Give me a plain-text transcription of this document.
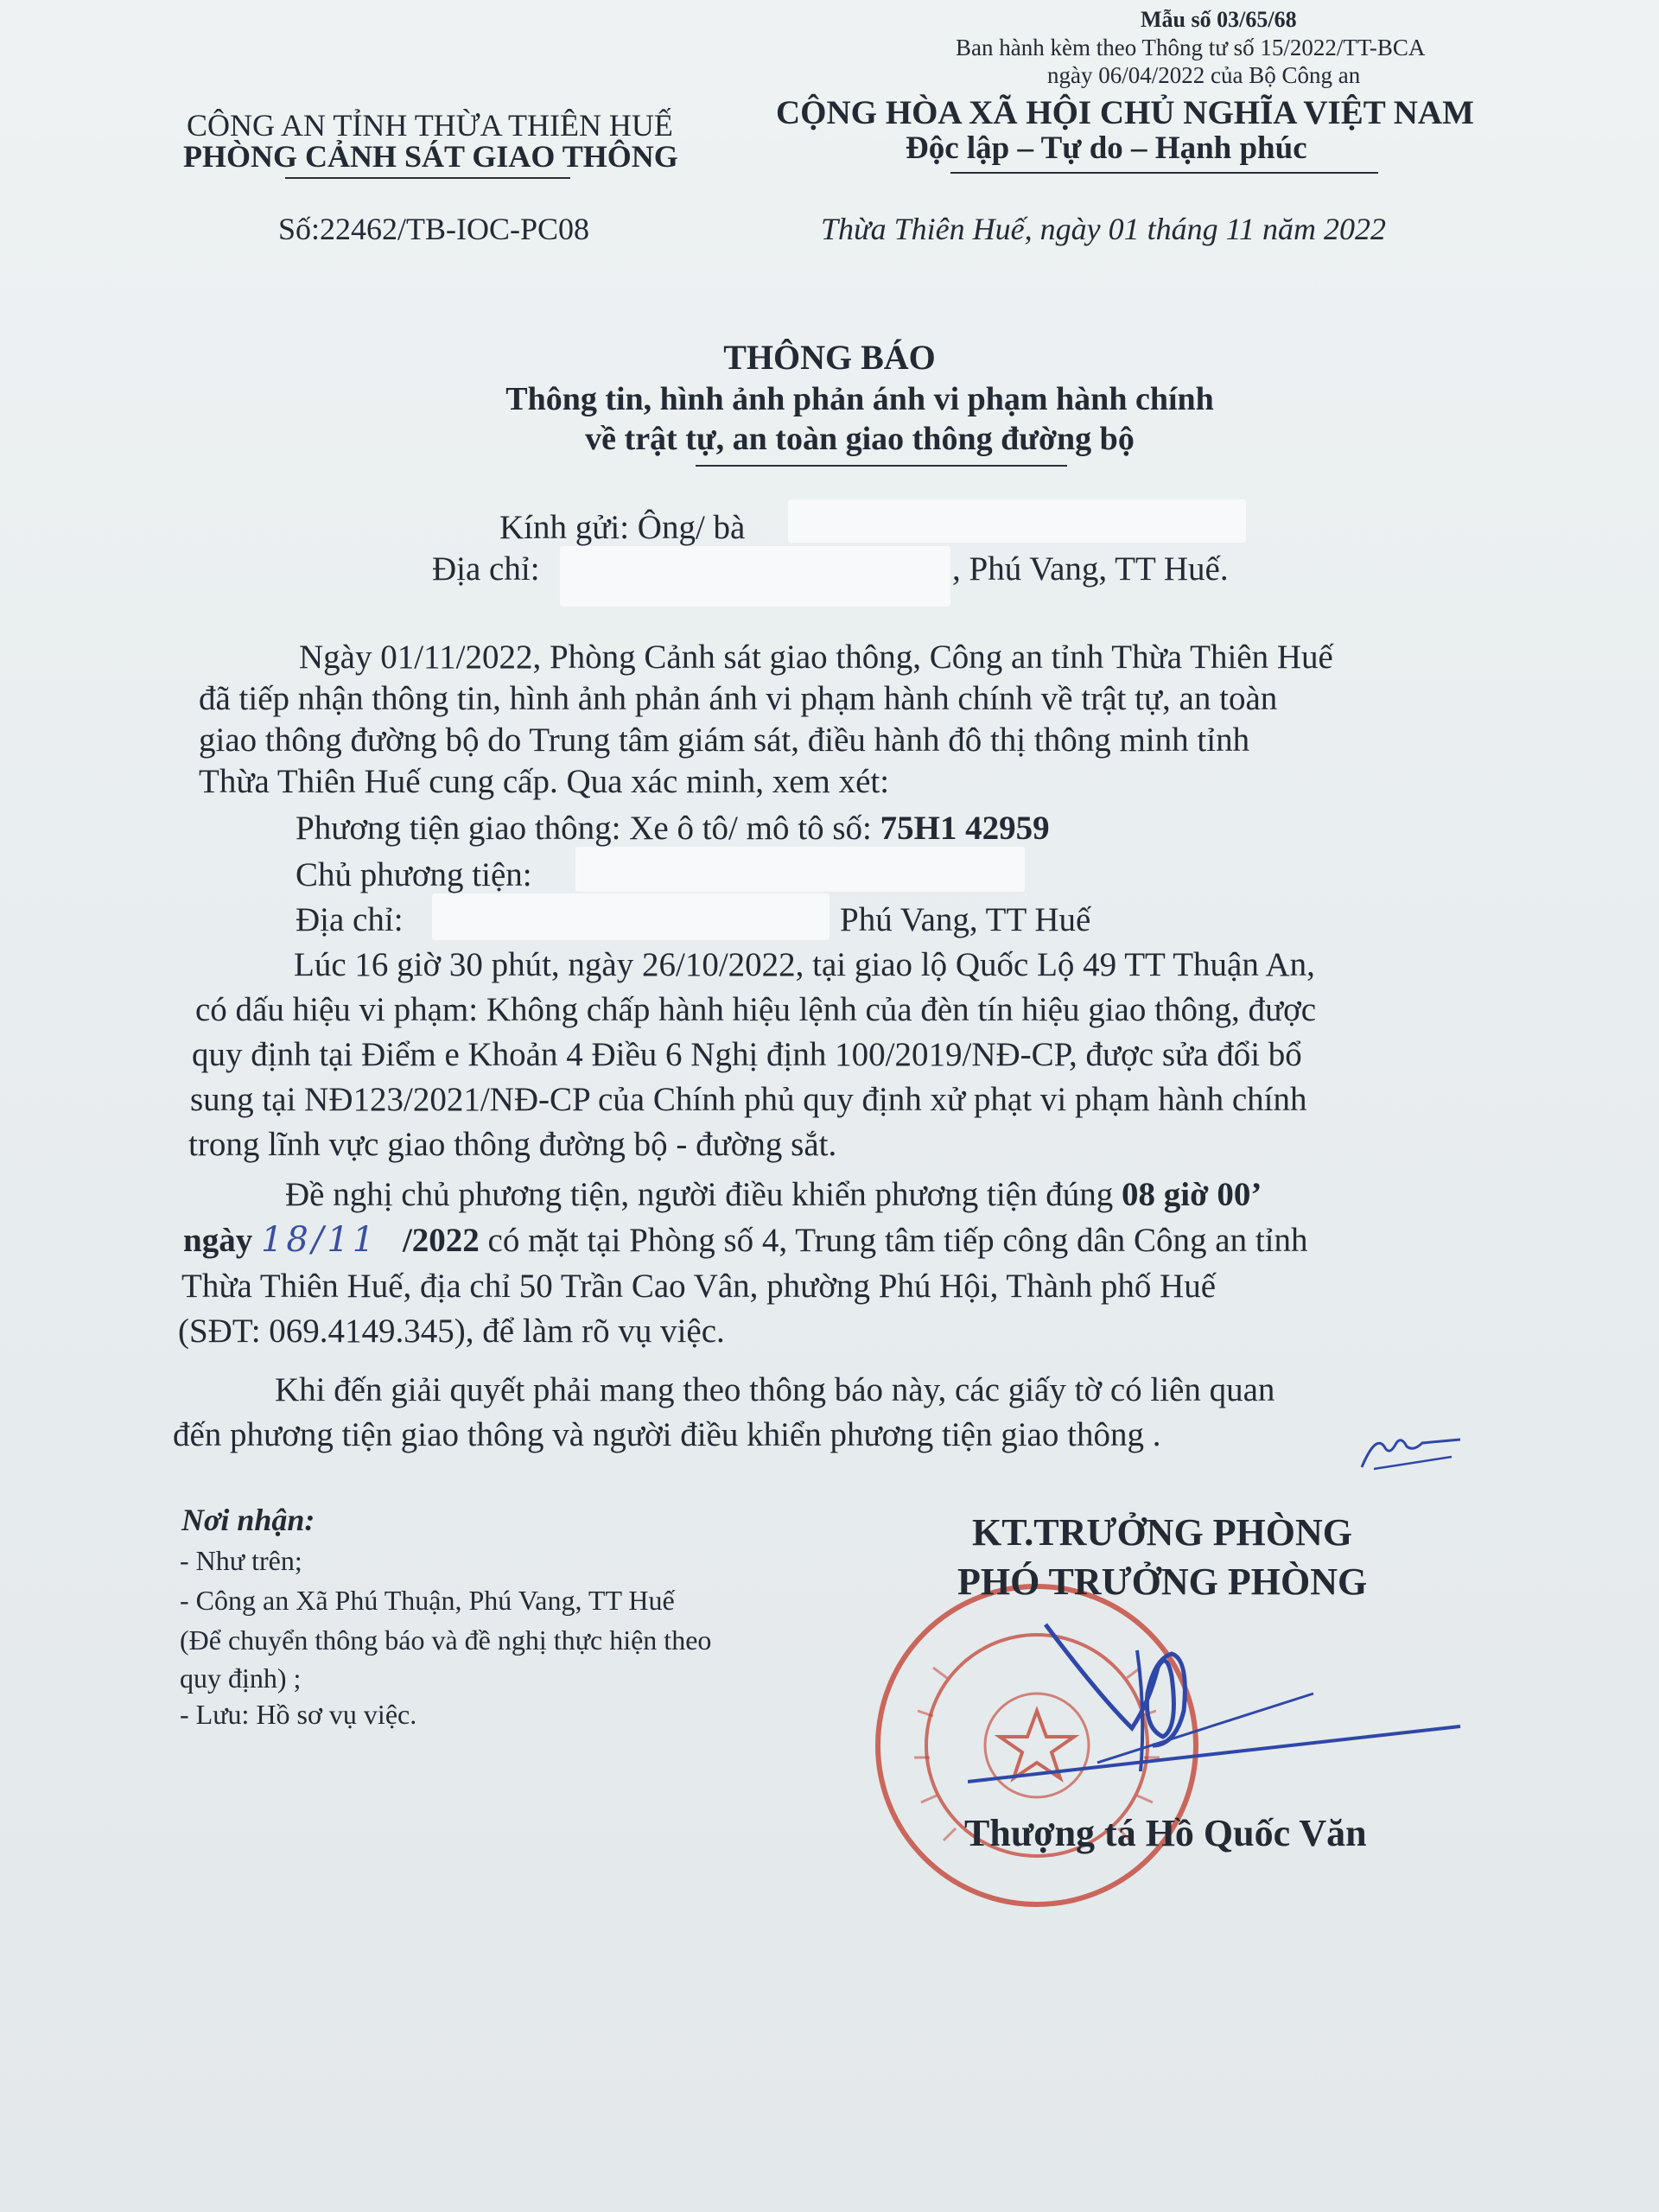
Mẫu số 03/65/68
Ban hành kèm theo Thông tư số 15/2022/TT-BCA
ngày 06/04/2022 của Bộ Công an
CÔNG AN TỈNH THỪA THIÊN HUẾ
PHÒNG CẢNH SÁT GIAO THÔNG
CỘNG HÒA XÃ HỘI CHỦ NGHĨA VIỆT NAM
Độc lập – Tự do – Hạnh phúc
Số:22462/TB-IOC-PC08	Thừa Thiên Huế, ngày 01 tháng 11 năm 2022
THÔNG BÁO
Thông tin, hình ảnh phản ánh vi phạm hành chính
về trật tự, an toàn giao thông đường bộ
Kính gửi: Ông/ bà
Địa chỉ:	, Phú Vang, TT Huế.
Ngày 01/11/2022, Phòng Cảnh sát giao thông, Công an tỉnh Thừa Thiên Huế
đã tiếp nhận thông tin, hình ảnh phản ánh vi phạm hành chính về trật tự, an toàn
giao thông đường bộ do Trung tâm giám sát, điều hành đô thị thông minh tỉnh
Thừa Thiên Huế cung cấp. Qua xác minh, xem xét:
Phương tiện giao thông: Xe ô tô/ mô tô số: 75H1 42959
Chủ phương tiện:
Địa chỉ:	Phú Vang, TT Huế
Lúc 16 giờ 30 phút, ngày 26/10/2022, tại giao lộ Quốc Lộ 49 TT Thuận An,
có dấu hiệu vi phạm: Không chấp hành hiệu lệnh của đèn tín hiệu giao thông, được
quy định tại Điểm e Khoản 4 Điều 6 Nghị định 100/2019/NĐ-CP, được sửa đổi bổ
sung tại NĐ123/2021/NĐ-CP của Chính phủ quy định xử phạt vi phạm hành chính
trong lĩnh vực giao thông đường bộ - đường sắt.
Đề nghị chủ phương tiện, người điều khiển phương tiện đúng 08 giờ 00’
ngày 18/11 /2022 có mặt tại Phòng số 4, Trung tâm tiếp công dân Công an tỉnh
Thừa Thiên Huế, địa chỉ 50 Trần Cao Vân, phường Phú Hội, Thành phố Huế
(SĐT: 069.4149.345), để làm rõ vụ việc.
Khi đến giải quyết phải mang theo thông báo này, các giấy tờ có liên quan
đến phương tiện giao thông và người điều khiển phương tiện giao thông .
Nơi nhận:
- Như trên;
- Công an Xã Phú Thuận, Phú Vang, TT Huế
(Để chuyển thông báo và đề nghị thực hiện theo
quy định) ;
- Lưu: Hồ sơ vụ việc.
KT.TRƯỞNG PHÒNG
PHÓ TRƯỞNG PHÒNG
Thượng tá Hồ Quốc Văn
